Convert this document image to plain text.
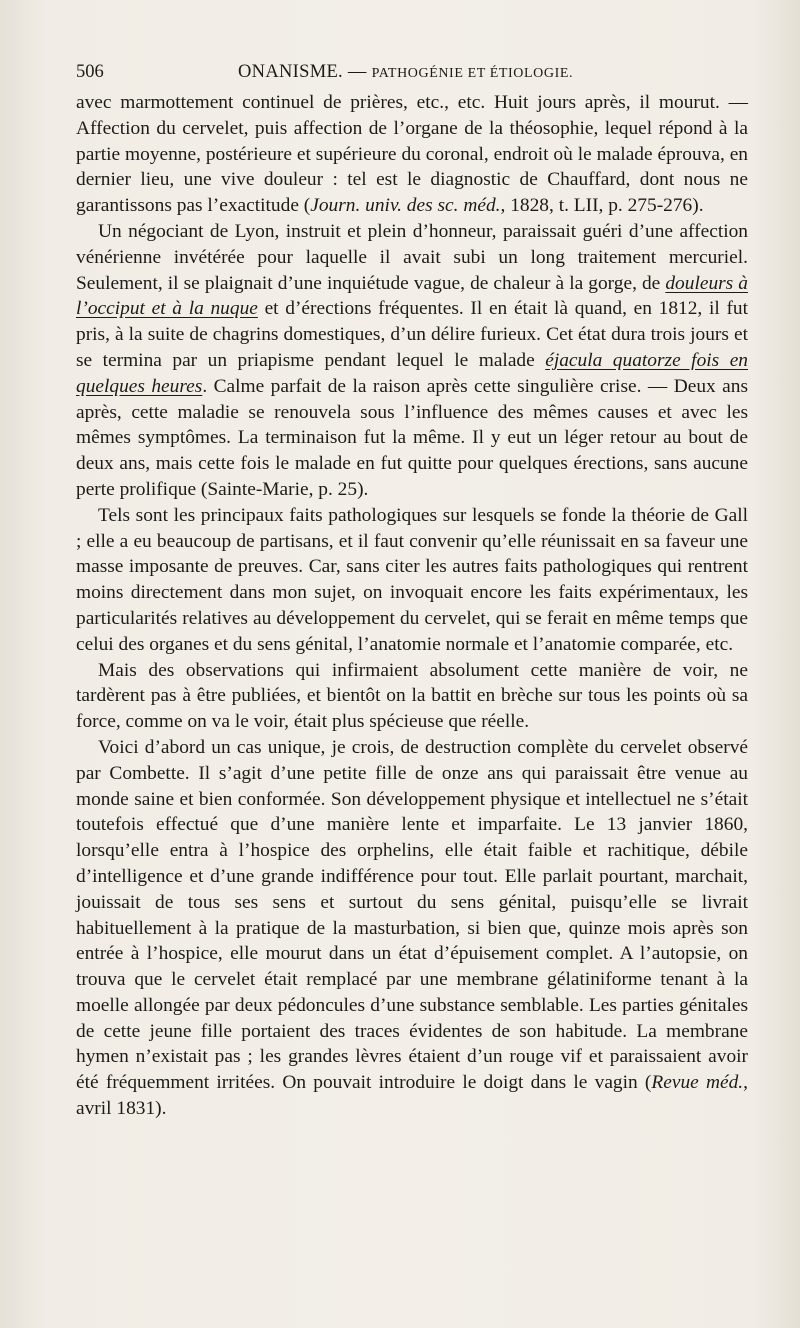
506	ONANISME. — PATHOGÉNIE ET ÉTIOLOGIE.

avec marmottement continuel de prières, etc., etc. Huit jours après, il mourut. — Affection du cervelet, puis affection de l’organe de la théosophie, lequel répond à la partie moyenne, postérieure et supérieure du coronal, endroit où le malade éprouva, en dernier lieu, une vive douleur : tel est le diagnostic de Chauffard, dont nous ne garantissons pas l’exactitude (Journ. univ. des sc. méd., 1828, t. LII, p. 275-276).

Un négociant de Lyon, instruit et plein d’honneur, paraissait guéri d’une affection vénérienne invétérée pour laquelle il avait subi un long traitement mercuriel. Seulement, il se plaignait d’une inquiétude vague, de chaleur à la gorge, de douleurs à l’occiput et à la nuque et d’érections fréquentes. Il en était là quand, en 1812, il fut pris, à la suite de chagrins domestiques, d’un délire furieux. Cet état dura trois jours et se termina par un priapisme pendant lequel le malade éjacula quatorze fois en quelques heures. Calme parfait de la raison après cette singulière crise. — Deux ans après, cette maladie se renouvela sous l’influence des mêmes causes et avec les mêmes symptômes. La terminaison fut la même. Il y eut un léger retour au bout de deux ans, mais cette fois le malade en fut quitte pour quelques érections, sans aucune perte prolifique (Sainte-Marie, p. 25).

Tels sont les principaux faits pathologiques sur lesquels se fonde la théorie de Gall ; elle a eu beaucoup de partisans, et il faut convenir qu’elle réunissait en sa faveur une masse imposante de preuves. Car, sans citer les autres faits pathologiques qui rentrent moins directement dans mon sujet, on invoquait encore les faits expérimentaux, les particularités relatives au développement du cervelet, qui se ferait en même temps que celui des organes et du sens génital, l’anatomie normale et l’anatomie comparée, etc.

Mais des observations qui infirmaient absolument cette manière de voir, ne tardèrent pas à être publiées, et bientôt on la battit en brèche sur tous les points où sa force, comme on va le voir, était plus spécieuse que réelle.

Voici d’abord un cas unique, je crois, de destruction complète du cervelet observé par Combette. Il s’agit d’une petite fille de onze ans qui paraissait être venue au monde saine et bien conformée. Son développement physique et intellectuel ne s’était toutefois effectué que d’une manière lente et imparfaite. Le 13 janvier 1860, lorsqu’elle entra à l’hospice des orphelins, elle était faible et rachitique, débile d’intelligence et d’une grande indifférence pour tout. Elle parlait pourtant, marchait, jouissait de tous ses sens et surtout du sens génital, puisqu’elle se livrait habituellement à la pratique de la masturbation, si bien que, quinze mois après son entrée à l’hospice, elle mourut dans un état d’épuisement complet. A l’autopsie, on trouva que le cervelet était remplacé par une membrane gélatiniforme tenant à la moelle allongée par deux pédoncules d’une substance semblable. Les parties génitales de cette jeune fille portaient des traces évidentes de son habitude. La membrane hymen n’existait pas ; les grandes lèvres étaient d’un rouge vif et paraissaient avoir été fréquemment irritées. On pouvait introduire le doigt dans le vagin (Revue méd., avril 1831).
